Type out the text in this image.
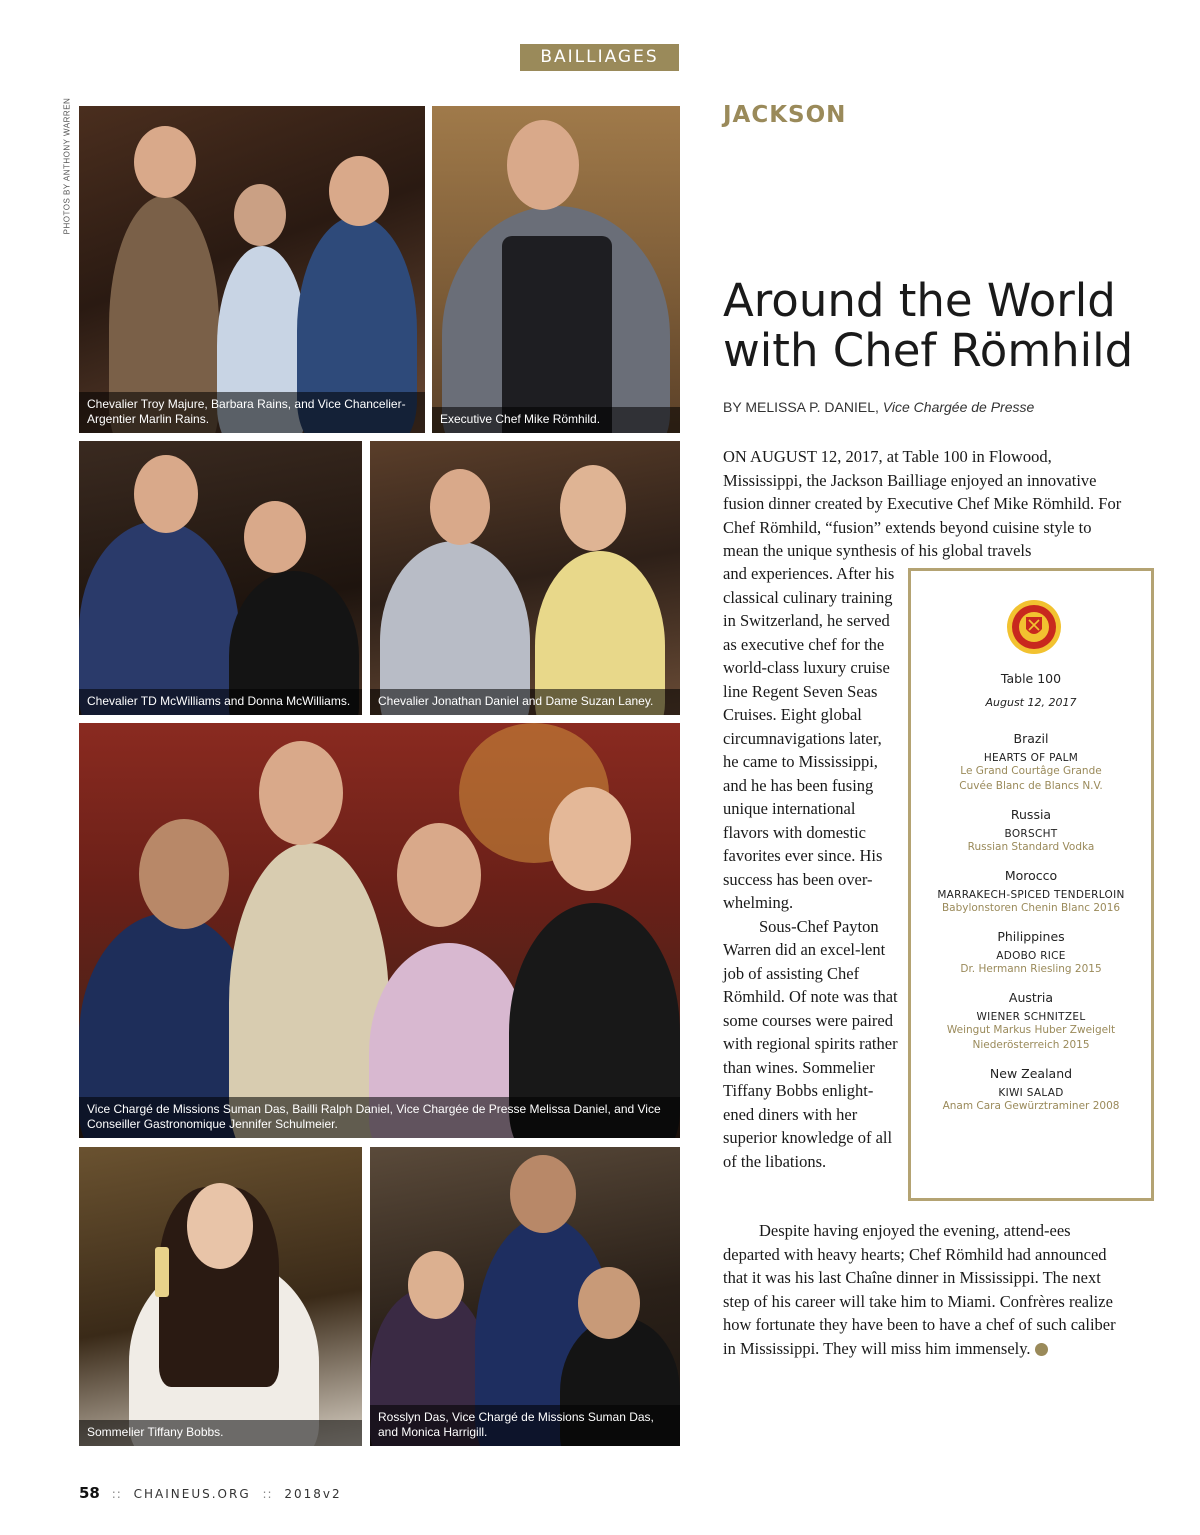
BAILLIAGES
PHOTOS BY ANTHONY WARREN
Chevalier Troy Majure, Barbara Rains, and Vice Chancelier-Argentier Marlin Rains.	Executive Chef Mike Römhild.
Chevalier TD McWilliams and Donna McWilliams.	Chevalier Jonathan Daniel and Dame Suzan Laney.
Vice Chargé de Missions Suman Das, Bailli Ralph Daniel, Vice Chargée de Presse Melissa Daniel, and Vice Conseiller Gastronomique Jennifer Schulmeier.
Sommelier Tiffany Bobbs.
Rosslyn Das, Vice Chargé de Missions Suman Das, and Monica Harrigill.
JACKSON
Around the World
with Chef Römhild
BY MELISSA P. DANIEL, Vice Chargée de Presse

ON AUGUST 12, 2017, at Table 100 in Flowood, Mississippi, the Jackson Bailliage enjoyed an innovative fusion dinner created by Executive Chef Mike Römhild. For Chef Römhild, “fusion” extends beyond cuisine style to mean the unique synthesis of his global travels

and experiences. After his classical culinary training in Switzerland, he served as executive chef for the world-class luxury cruise line Regent Seven Seas Cruises. Eight global circumnavigations later, he came to Mississippi, and he has been fusing unique international flavors with domestic favorites ever since. His success has been over-whelming.

Sous-Chef Payton Warren did an excel-lent job of assisting Chef Römhild. Of note was that some courses were paired with regional spirits rather than wines. Sommelier Tiffany Bobbs enlight-ened diners with her superior knowledge of all of the libations.

Despite having enjoyed the evening, attend-ees departed with heavy hearts; Chef Römhild had announced that it was his last Chaîne dinner in Mississippi. The next step of his career will take him to Miami. Confrères realize how fortunate they have been to have a chef of such caliber in Mississippi. They will miss him immensely.	G

Table 100
August 12, 2017
Brazil
HEARTS OF PALM
Le Grand Courtâge Grande Cuvée Blanc de Blancs N.V.
Russia
BORSCHT
Russian Standard Vodka
Morocco
MARRAKECH-SPICED TENDERLOIN
Babylonstoren Chenin Blanc 2016
Philippines
ADOBO RICE
Dr. Hermann Riesling 2015
Austria
WIENER SCHNITZEL
Weingut Markus Huber Zweigelt Niederösterreich 2015
New Zealand
KIWI SALAD
Anam Cara Gewürztraminer 2008
58 :: CHAINEUS.ORG :: 2018v2
